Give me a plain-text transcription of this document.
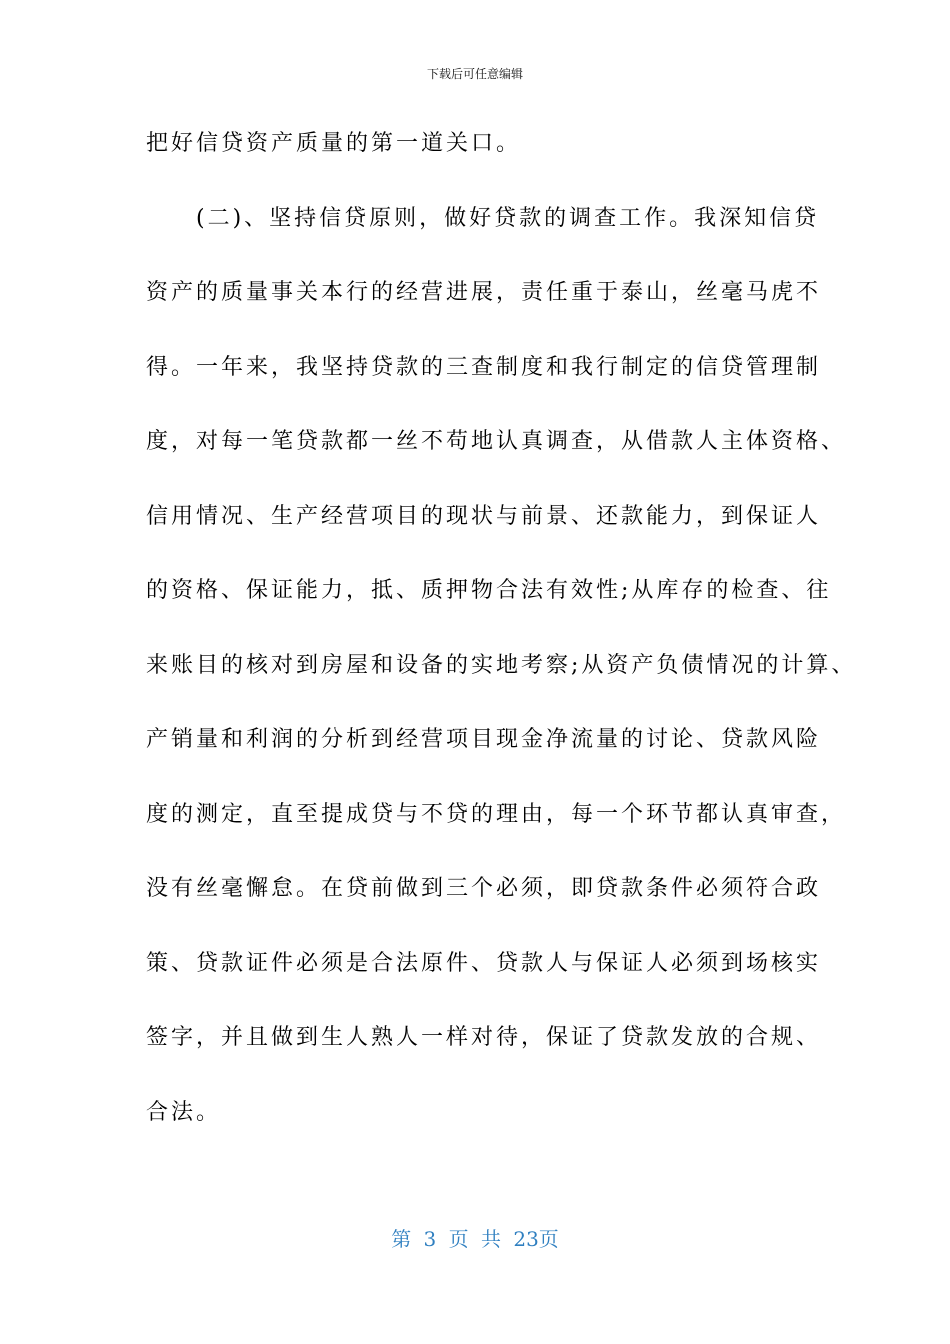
下载后可任意编辑
把好信贷资产质量的第一道关口。
　　(二)、坚持信贷原则，做好贷款的调查工作。我深知信贷
资产的质量事关本行的经营进展，责任重于泰山，丝毫马虎不
得。一年来，我坚持贷款的三查制度和我行制定的信贷管理制
度，对每一笔贷款都一丝不苟地认真调查，从借款人主体资格、
信用情况、生产经营项目的现状与前景、还款能力，到保证人
的资格、保证能力，抵、质押物合法有效性;从库存的检查、往
来账目的核对到房屋和设备的实地考察;从资产负债情况的计算、
产销量和利润的分析到经营项目现金净流量的讨论、贷款风险
度的测定，直至提成贷与不贷的理由，每一个环节都认真审查，
没有丝毫懈怠。在贷前做到三个必须，即贷款条件必须符合政
策、贷款证件必须是合法原件、贷款人与保证人必须到场核实
签字，并且做到生人熟人一样对待，保证了贷款发放的合规、
合法。
第 3 页 共 23页
